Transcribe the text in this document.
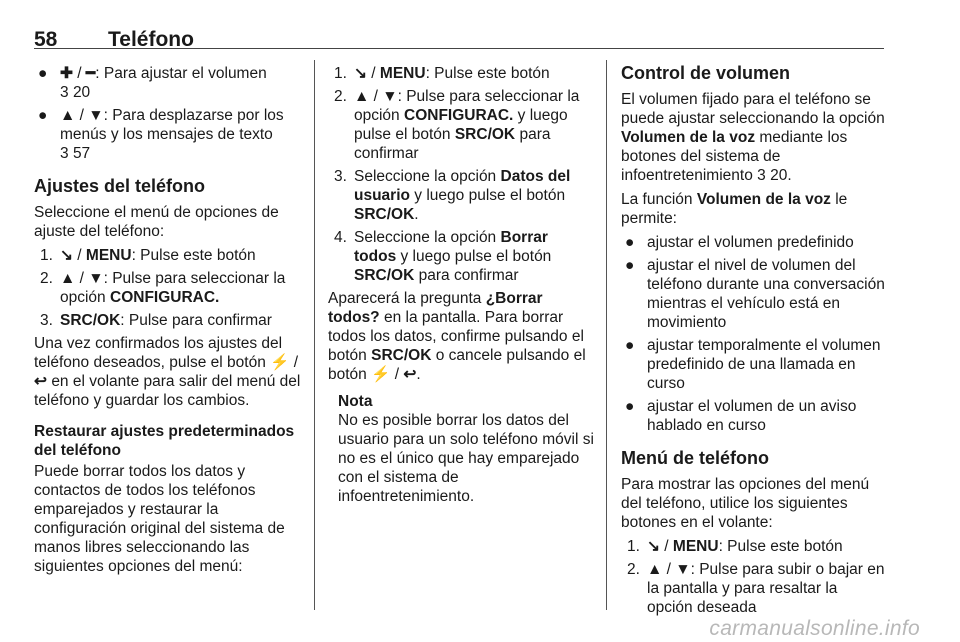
58 Teléfono
● ✚ / ━: Para ajustar el volumen
3 20
● ▲ / ▼: Para desplazarse por los menús y los mensajes de texto
3 57
Ajustes del teléfono

Seleccione el menú de opciones de ajuste del teléfono:

1. ↘ / MENU: Pulse este botón
2. ▲ / ▼: Pulse para seleccionar la opción CONFIGURAC.
3. SRC/OK: Pulse para confirmar

Una vez confirmados los ajustes del teléfono deseados, pulse el botón ⚡ / ↩ en el volante para salir del menú del teléfono y guardar los cambios.

Restaurar ajustes predeterminados del teléfono

Puede borrar todos los datos y contactos de todos los teléfonos emparejados y restaurar la configuración original del sistema de manos libres seleccionando las siguientes opciones del menú:

1. ↘ / MENU: Pulse este botón
2. ▲ / ▼: Pulse para seleccionar la opción CONFIGURAC. y luego pulse el botón SRC/OK para confirmar
3. Seleccione la opción Datos del usuario y luego pulse el botón SRC/OK.
4. Seleccione la opción Borrar todos y luego pulse el botón SRC/OK para confirmar

Aparecerá la pregunta ¿Borrar todos? en la pantalla. Para borrar todos los datos, confirme pulsando el botón SRC/OK o cancele pulsando el botón ⚡ / ↩.

Nota
No es posible borrar los datos del usuario para un solo teléfono móvil si no es el único que hay emparejado con el sistema de infoentretenimiento.
Control de volumen

El volumen fijado para el teléfono se puede ajustar seleccionando la opción Volumen de la voz mediante los botones del sistema de infoentretenimiento 3 20.

La función Volumen de la voz le permite:

● ajustar el volumen predefinido
● ajustar el nivel de volumen del teléfono durante una conversación mientras el vehículo está en movimiento
● ajustar temporalmente el volumen predefinido de una llamada en curso
● ajustar el volumen de un aviso hablado en curso
Menú de teléfono

Para mostrar las opciones del menú del teléfono, utilice los siguientes botones en el volante:

1. ↘ / MENU: Pulse este botón
2. ▲ / ▼: Pulse para subir o bajar en la pantalla y para resaltar la opción deseada
carmanualsonline.info
